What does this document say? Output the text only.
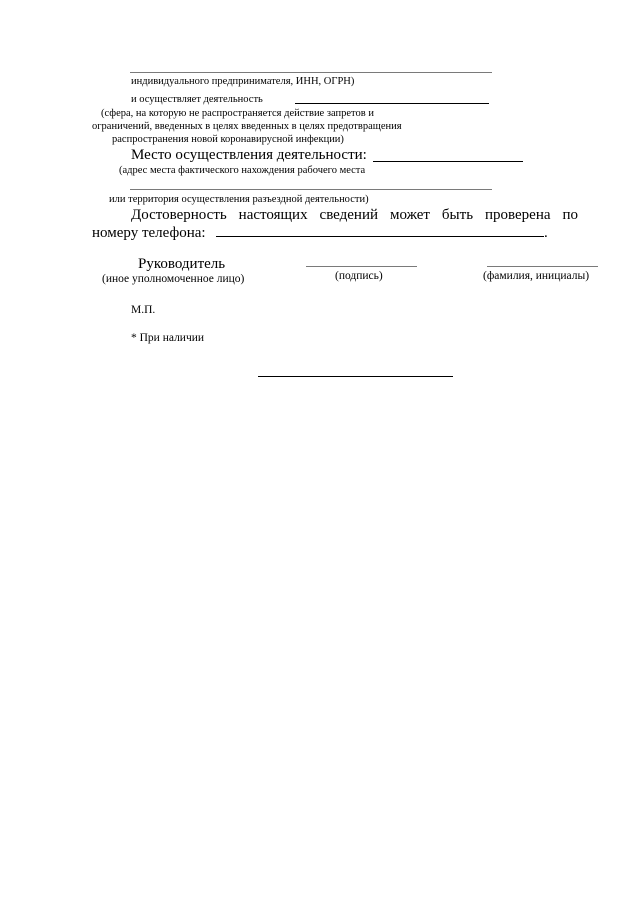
индивидуального предпринимателя, ИНН, ОГРН)
и осуществляет деятельность
(сфера, на которую не распространяется действие запретов и
ограничений, введенных в целях введенных в целях предотвращения
распространения новой коронавирусной инфекции)
Место осуществления деятельности:
(адрес места фактического нахождения рабочего места
или территория осуществления разъездной деятельности)
Достоверность настоящих сведений может быть проверена по
номеру телефона:	.
Руководитель
(иное уполномоченное лицо)	(подпись)	(фамилия, инициалы)
М.П.
* При наличии
